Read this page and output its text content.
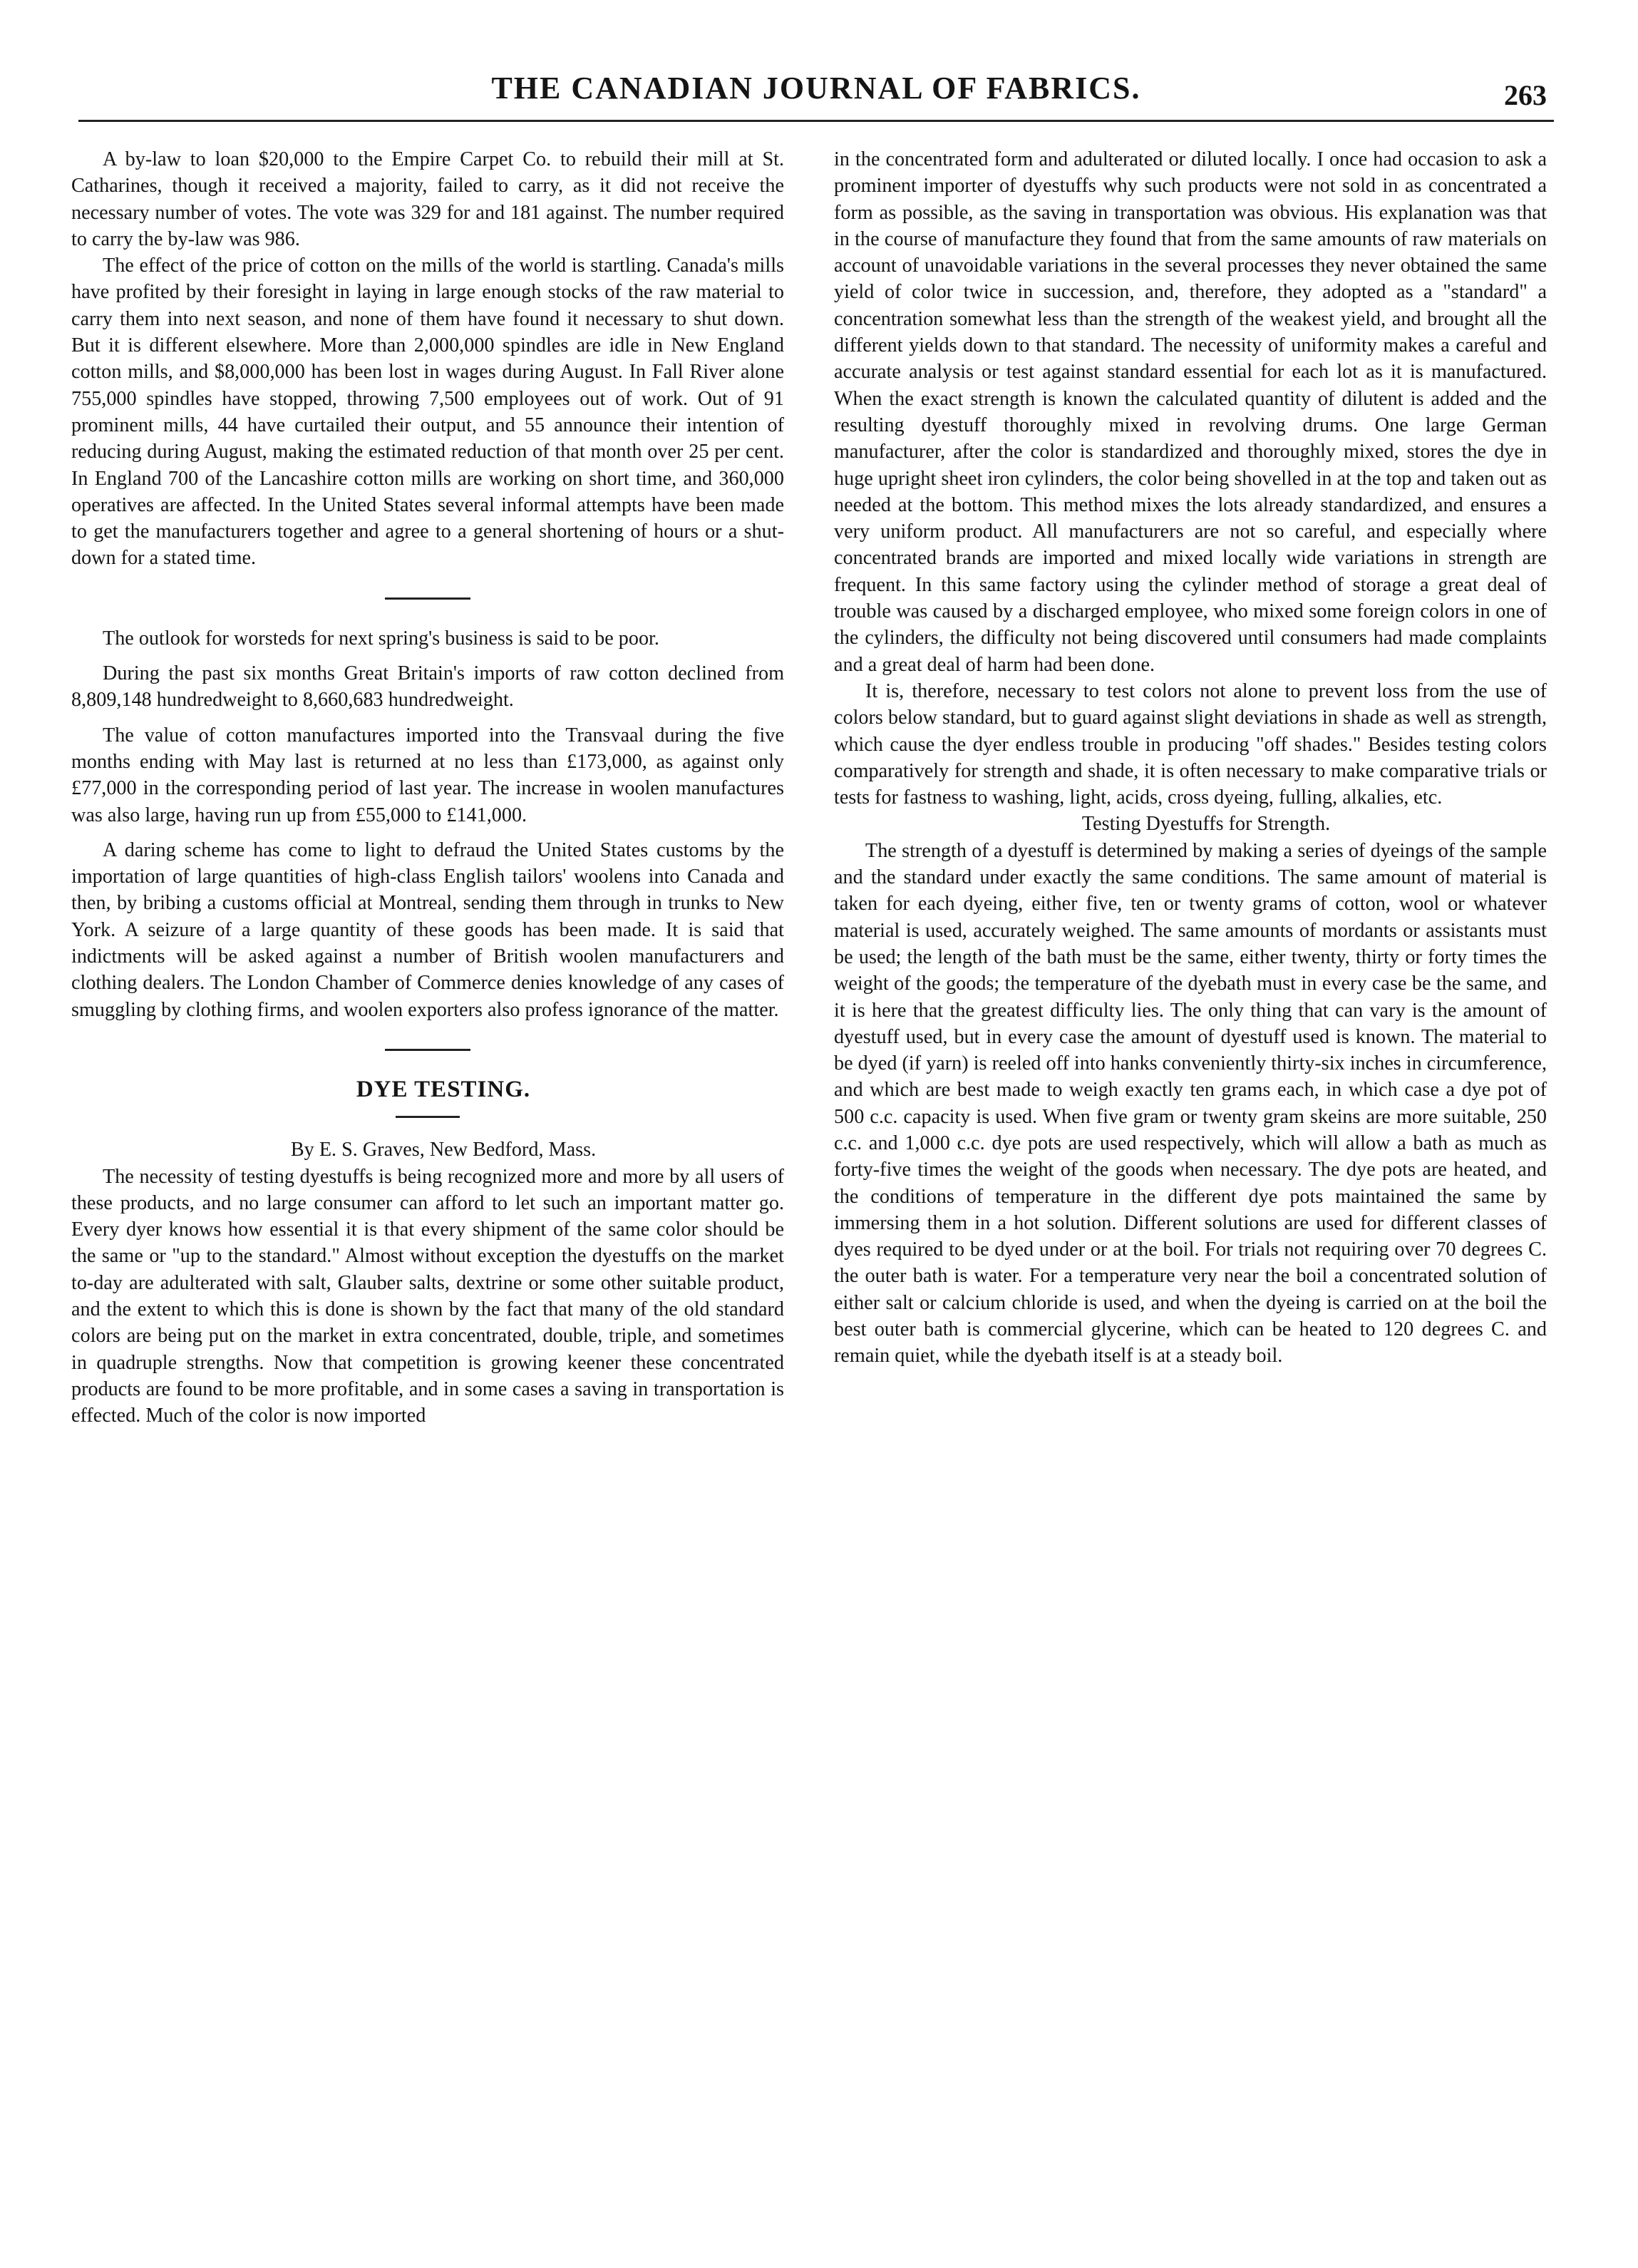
THE CANADIAN JOURNAL OF FABRICS.	263

A by-law to loan $20,000 to the Empire Carpet Co. to rebuild their mill at St. Catharines, though it received a majority, failed to carry, as it did not receive the necessary number of votes. The vote was 329 for and 181 against. The number required to carry the by-law was 986.

The effect of the price of cotton on the mills of the world is startling. Canada's mills have profited by their foresight in laying in large enough stocks of the raw material to carry them into next season, and none of them have found it necessary to shut down. But it is different elsewhere. More than 2,000,000 spindles are idle in New England cotton mills, and $8,000,000 has been lost in wages during August. In Fall River alone 755,000 spindles have stopped, throwing 7,500 employees out of work. Out of 91 prominent mills, 44 have curtailed their output, and 55 announce their intention of reducing during August, making the estimated reduction of that month over 25 per cent. In England 700 of the Lancashire cotton mills are working on short time, and 360,000 operatives are affected. In the United States several informal attempts have been made to get the manufacturers together and agree to a general shortening of hours or a shut-down for a stated time.

The outlook for worsteds for next spring's business is said to be poor.

During the past six months Great Britain's imports of raw cotton declined from 8,809,148 hundredweight to 8,660,683 hundredweight.

The value of cotton manufactures imported into the Transvaal during the five months ending with May last is returned at no less than £173,000, as against only £77,000 in the corresponding period of last year. The increase in woolen manufactures was also large, having run up from £55,000 to £141,000.

A daring scheme has come to light to defraud the United States customs by the importation of large quantities of high-class English tailors' woolens into Canada and then, by bribing a customs official at Montreal, sending them through in trunks to New York. A seizure of a large quantity of these goods has been made. It is said that indictments will be asked against a number of British woolen manufacturers and clothing dealers. The London Chamber of Commerce denies knowledge of any cases of smuggling by clothing firms, and woolen exporters also profess ignorance of the matter.

DYE TESTING.

By E. S. Graves, New Bedford, Mass.

The necessity of testing dyestuffs is being recognized more and more by all users of these products, and no large consumer can afford to let such an important matter go. Every dyer knows how essential it is that every shipment of the same color should be the same or "up to the standard." Almost without exception the dyestuffs on the market to-day are adulterated with salt, Glauber salts, dextrine or some other suitable product, and the extent to which this is done is shown by the fact that many of the old standard colors are being put on the market in extra concentrated, double, triple, and sometimes in quadruple strengths. Now that competition is growing keener these concentrated products are found to be more profitable, and in some cases a saving in transportation is effected. Much of the color is now imported

in the concentrated form and adulterated or diluted locally. I once had occasion to ask a prominent importer of dyestuffs why such products were not sold in as concentrated a form as possible, as the saving in transportation was obvious. His explanation was that in the course of manufacture they found that from the same amounts of raw materials on account of unavoidable variations in the several processes they never obtained the same yield of color twice in succession, and, therefore, they adopted as a "standard" a concentration somewhat less than the strength of the weakest yield, and brought all the different yields down to that standard. The necessity of uniformity makes a careful and accurate analysis or test against standard essential for each lot as it is manufactured. When the exact strength is known the calculated quantity of dilutent is added and the resulting dyestuff thoroughly mixed in revolving drums. One large German manufacturer, after the color is standardized and thoroughly mixed, stores the dye in huge upright sheet iron cylinders, the color being shovelled in at the top and taken out as needed at the bottom. This method mixes the lots already standardized, and ensures a very uniform product. All manufacturers are not so careful, and especially where concentrated brands are imported and mixed locally wide variations in strength are frequent. In this same factory using the cylinder method of storage a great deal of trouble was caused by a discharged employee, who mixed some foreign colors in one of the cylinders, the difficulty not being discovered until consumers had made complaints and a great deal of harm had been done.

It is, therefore, necessary to test colors not alone to prevent loss from the use of colors below standard, but to guard against slight deviations in shade as well as strength, which cause the dyer endless trouble in producing "off shades." Besides testing colors comparatively for strength and shade, it is often necessary to make comparative trials or tests for fastness to washing, light, acids, cross dyeing, fulling, alkalies, etc.

Testing Dyestuffs for Strength.

The strength of a dyestuff is determined by making a series of dyeings of the sample and the standard under exactly the same conditions. The same amount of material is taken for each dyeing, either five, ten or twenty grams of cotton, wool or whatever material is used, accurately weighed. The same amounts of mordants or assistants must be used; the length of the bath must be the same, either twenty, thirty or forty times the weight of the goods; the temperature of the dyebath must in every case be the same, and it is here that the greatest difficulty lies. The only thing that can vary is the amount of dyestuff used, but in every case the amount of dyestuff used is known. The material to be dyed (if yarn) is reeled off into hanks conveniently thirty-six inches in circumference, and which are best made to weigh exactly ten grams each, in which case a dye pot of 500 c.c. capacity is used. When five gram or twenty gram skeins are more suitable, 250 c.c. and 1,000 c.c. dye pots are used respectively, which will allow a bath as much as forty-five times the weight of the goods when necessary. The dye pots are heated, and the conditions of temperature in the different dye pots maintained the same by immersing them in a hot solution. Different solutions are used for different classes of dyes required to be dyed under or at the boil. For trials not requiring over 70 degrees C. the outer bath is water. For a temperature very near the boil a concentrated solution of either salt or calcium chloride is used, and when the dyeing is carried on at the boil the best outer bath is commercial glycerine, which can be heated to 120 degrees C. and remain quiet, while the dyebath itself is at a steady boil.
